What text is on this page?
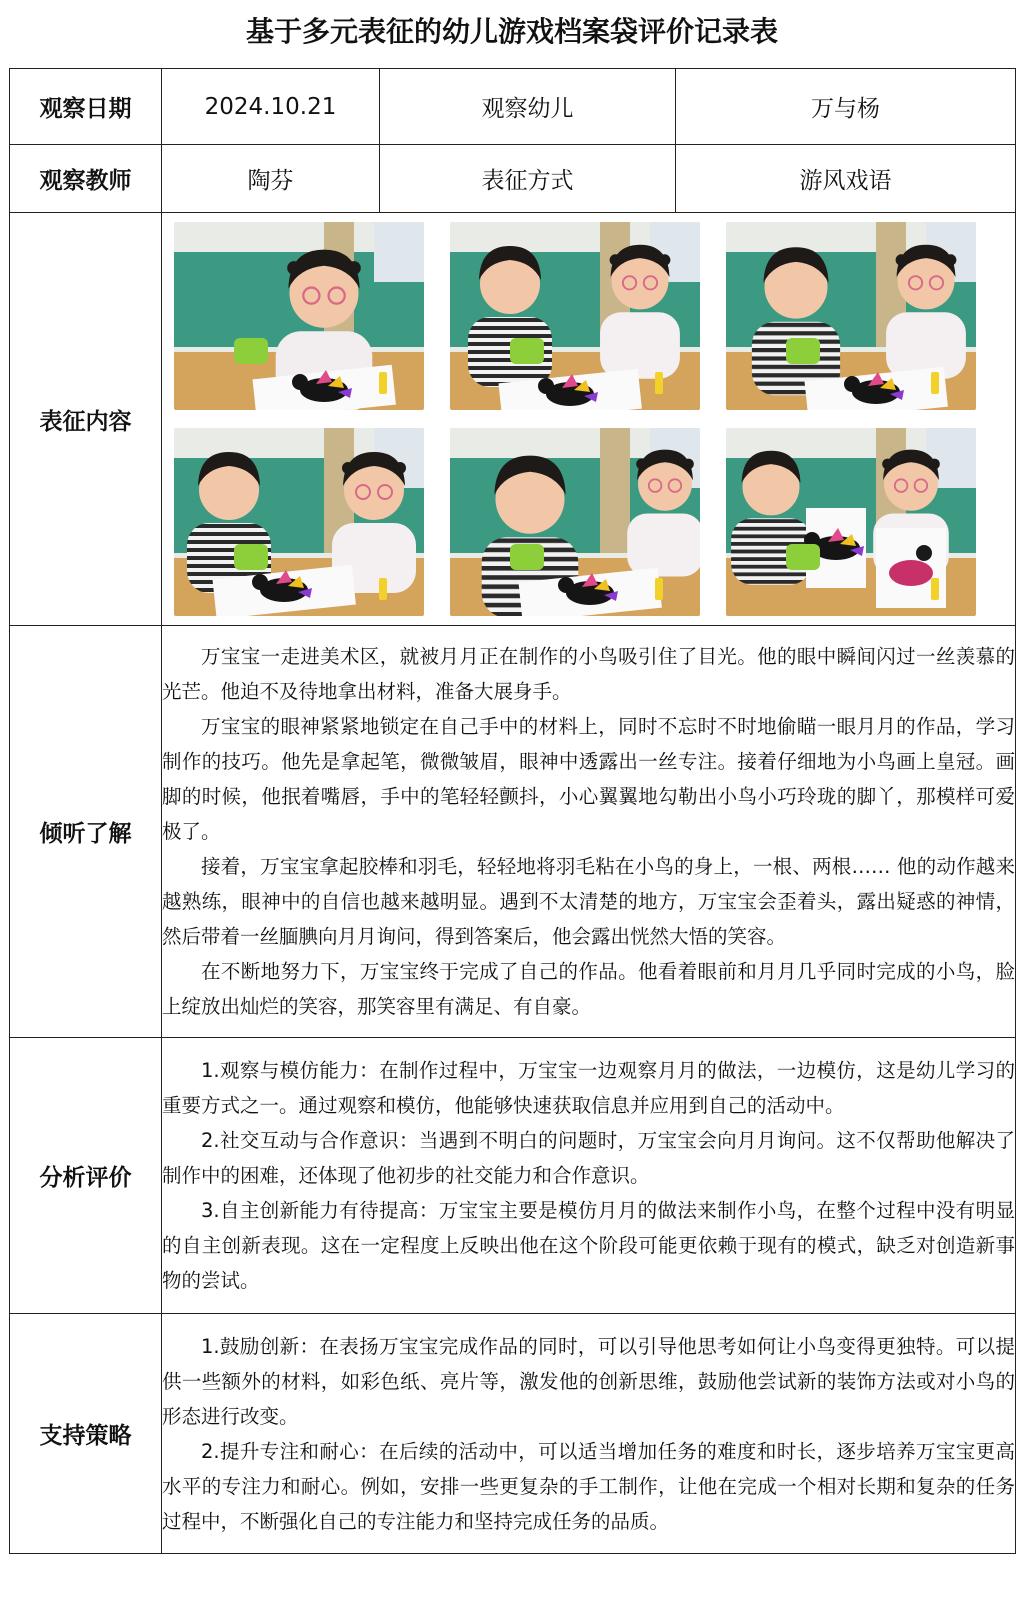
基于多元表征的幼儿游戏档案袋评价记录表
观察日期	2024.10.21	观察幼儿	万与杨
观察教师	陶芬	表征方式	游风戏语
表征内容	

倾听了解	万宝宝一走进美术区，就被月月正在制作的小鸟吸引住了目光。他的眼中瞬间闪过一丝羡慕的光芒。他迫不及待地拿出材料，准备大展身手。

万宝宝的眼神紧紧地锁定在自己手中的材料上，同时不忘时不时地偷瞄一眼月月的作品，学习制作的技巧。他先是拿起笔，微微皱眉，眼神中透露出一丝专注。接着仔细地为小鸟画上皇冠。画脚的时候，他抿着嘴唇，手中的笔轻轻颤抖，小心翼翼地勾勒出小鸟小巧玲珑的脚丫，那模样可爱极了。

接着，万宝宝拿起胶棒和羽毛，轻轻地将羽毛粘在小鸟的身上，一根、两根…… 他的动作越来越熟练，眼神中的自信也越来越明显。遇到不太清楚的地方，万宝宝会歪着头，露出疑惑的神情，然后带着一丝腼腆向月月询问，得到答案后，他会露出恍然大悟的笑容。

在不断地努力下，万宝宝终于完成了自己的作品。他看着眼前和月月几乎同时完成的小鸟，脸上绽放出灿烂的笑容，那笑容里有满足、有自豪。		

分析评价	1.观察与模仿能力：在制作过程中，万宝宝一边观察月月的做法，一边模仿，这是幼儿学习的重要方式之一。通过观察和模仿，他能够快速获取信息并应用到自己的活动中。

2.社交互动与合作意识：当遇到不明白的问题时，万宝宝会向月月询问。这不仅帮助他解决了制作中的困难，还体现了他初步的社交能力和合作意识。

3.自主创新能力有待提高：万宝宝主要是模仿月月的做法来制作小鸟，在整个过程中没有明显的自主创新表现。这在一定程度上反映出他在这个阶段可能更依赖于现有的模式，缺乏对创造新事物的尝试。		

支持策略	1.鼓励创新：在表扬万宝宝完成作品的同时，可以引导他思考如何让小鸟变得更独特。可以提供一些额外的材料，如彩色纸、亮片等，激发他的创新思维，鼓励他尝试新的装饰方法或对小鸟的形态进行改变。

2.提升专注和耐心：在后续的活动中，可以适当增加任务的难度和时长，逐步培养万宝宝更高水平的专注力和耐心。例如，安排一些更复杂的手工制作，让他在完成一个相对长期和复杂的任务过程中，不断强化自己的专注能力和坚持完成任务的品质。		
